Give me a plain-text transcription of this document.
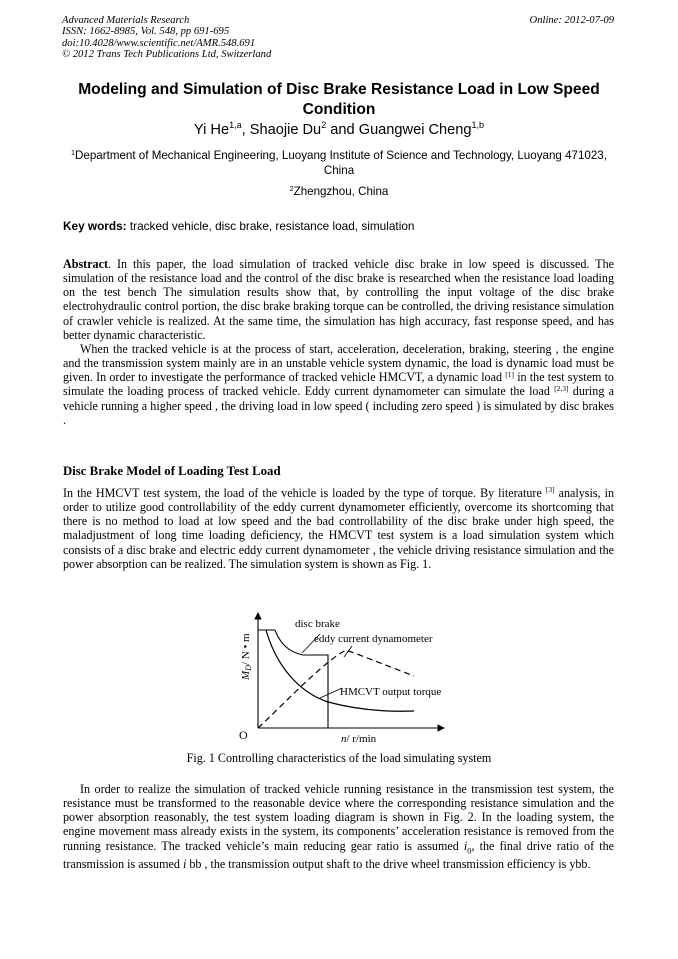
Advanced Materials Research
ISSN: 1662-8985, Vol. 548, pp 691-695
doi:10.4028/www.scientific.net/AMR.548.691
© 2012 Trans Tech Publications Ltd, Switzerland
Online: 2012-07-09
Modeling and Simulation of Disc Brake Resistance Load in Low Speed Condition
Yi He$^{1,a}$, Shaojie Du$^2$ and Guangwei Cheng$^{1,b}$
$^1$Department of Mechanical Engineering, Luoyang Institute of Science and Technology, Luoyang 471023, China
$^2$Zhengzhou, China
Key words: tracked vehicle, disc brake, resistance load, simulation

Abstract. In this paper, the load simulation of tracked vehicle disc brake in low speed is discussed. The simulation of the resistance load and the control of the disc brake is researched when the resistance load loading on the test bench The simulation results show that, by controlling the input voltage of the disc brake electrohydraulic control portion, the disc brake braking torque can be controlled, the driving resistance simulation of crawler vehicle is realized. At the same time, the simulation has high accuracy, fast response speed, and has better dynamic characteristic.

When the tracked vehicle is at the process of start, acceleration, deceleration, braking, steering , the engine and the transmission system mainly are in an unstable vehicle system dynamic, the load is dynamic load must be given. In order to investigate the performance of tracked vehicle HMCVT, a dynamic load [1] in the test system to simulate the loading process of tracked vehicle. Eddy current dynamometer can simulate the load [2,3] during a vehicle running a higher speed , the driving load in low speed ( including zero speed ) is simulated by disc brakes .

Disc Brake Model of Loading Test Load

In the HMCVT test system, the load of the vehicle is loaded by the type of torque. By literature [3] analysis, in order to utilize good controllability of the eddy current dynamometer efficiently, overcome its shortcoming that there is no method to load at low speed and the bad controllability of the disc brake under high speed, the maladjustment of long time loading deficiency, the HMCVT test system is a load simulation system which consists of a disc brake and electric eddy current dynamometer , the vehicle driving resistance simulation and the power absorption can be realized. The simulation system is shown as Fig. 1.

disc brake
eddy current dynamometer
HMCVT output torque
O	n/ r/min
MD/ N • m
Fig. 1 Controlling characteristics of the load simulating system

In order to realize the simulation of tracked vehicle running resistance in the transmission test system, the resistance must be transformed to the reasonable device where the corresponding resistance simulation and the power absorption reasonably, the test system loading diagram is shown in Fig. 2. In the loading system, the engine movement mass already exists in the system, its components’ acceleration resistance is removed from the running resistance. The tracked vehicle’s main reducing gear ratio is assumed $i_0$, the final drive ratio of the transmission is assumed i bb , the transmission output shaft to the drive wheel transmission efficiency is ybb.
